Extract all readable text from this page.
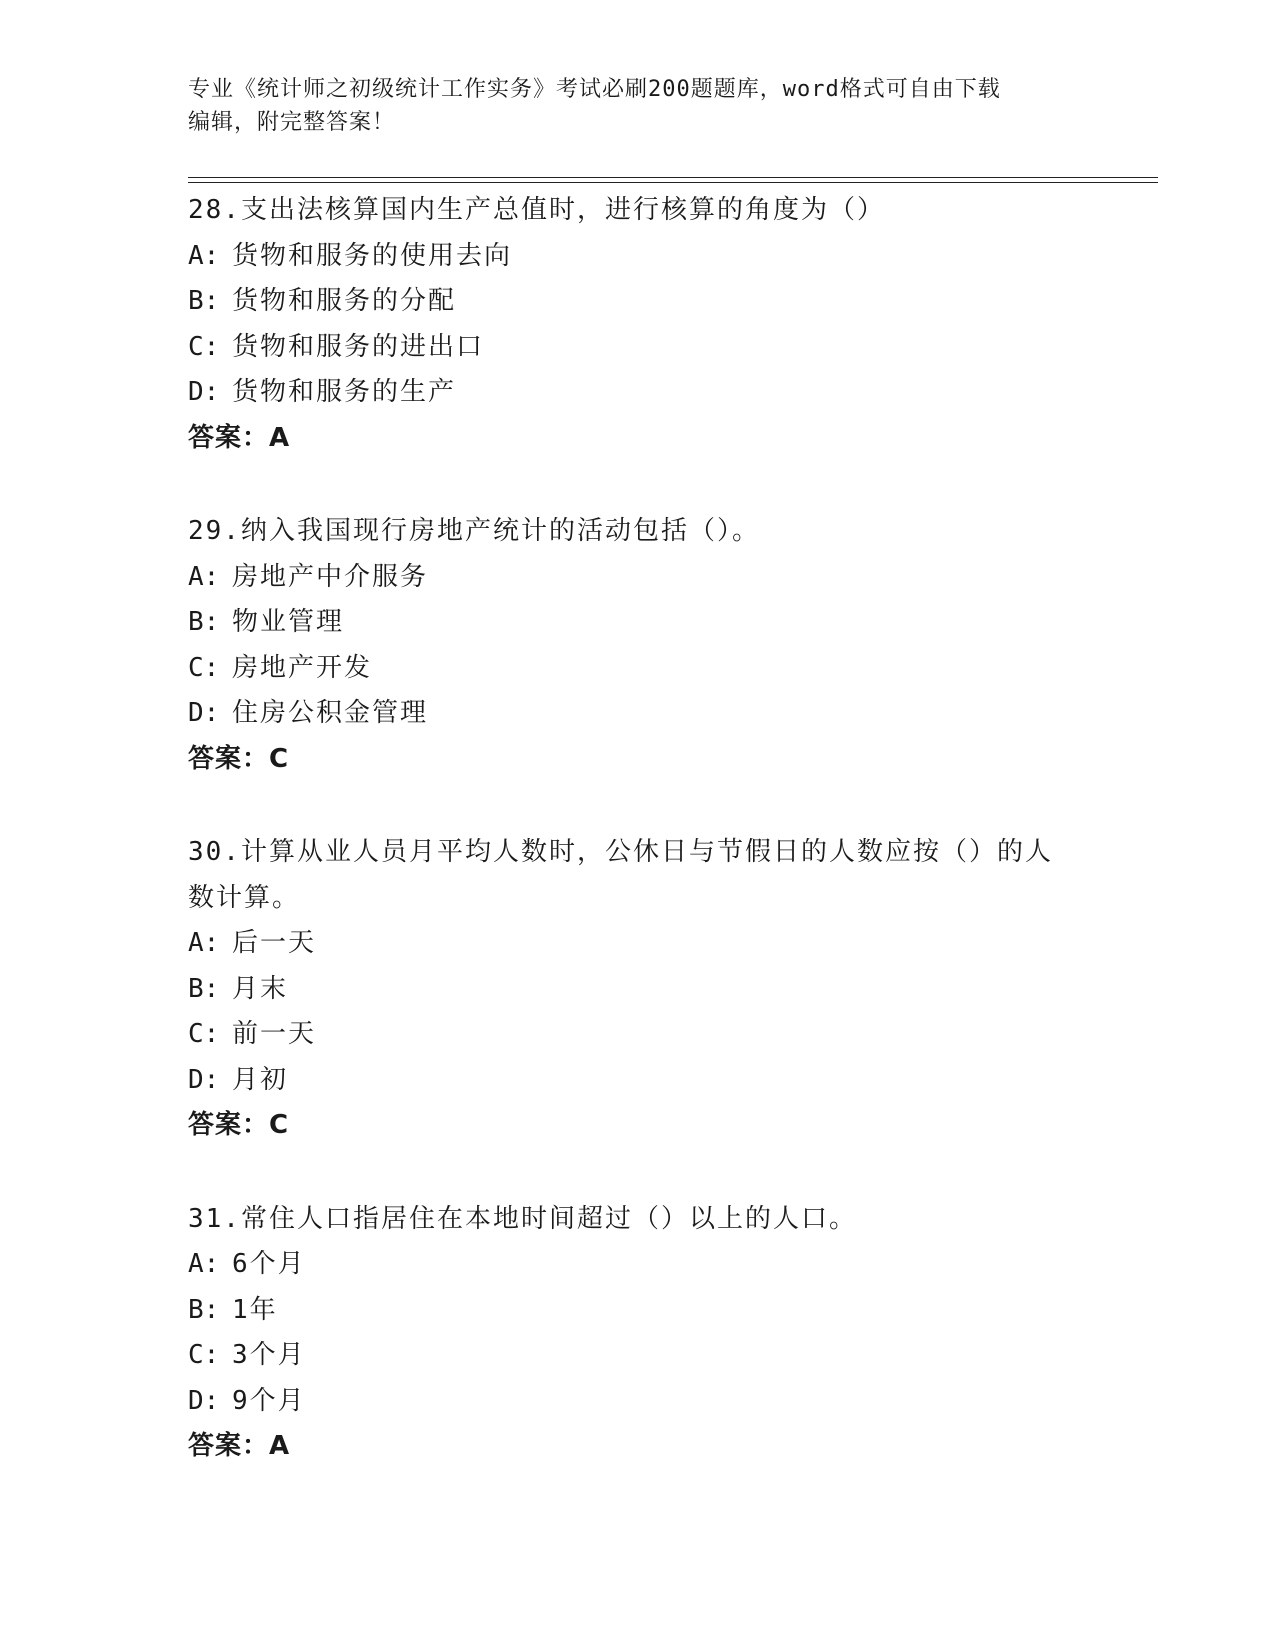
专业《统计师之初级统计工作实务》考试必刷200题题库，word格式可自由下载
编辑，附完整答案！

28.支出法核算国内生产总值时，进行核算的角度为（）

A: 货物和服务的使用去向

B: 货物和服务的分配

C: 货物和服务的进出口

D: 货物和服务的生产

答案：A

29.纳入我国现行房地产统计的活动包括（）。

A: 房地产中介服务

B: 物业管理

C: 房地产开发

D: 住房公积金管理

答案：C

30.计算从业人员月平均人数时，公休日与节假日的人数应按（）的人数计算。

A: 后一天

B: 月末

C: 前一天

D: 月初

答案：C

31.常住人口指居住在本地时间超过（）以上的人口。

A: 6个月

B: 1年

C: 3个月

D: 9个月

答案：A
